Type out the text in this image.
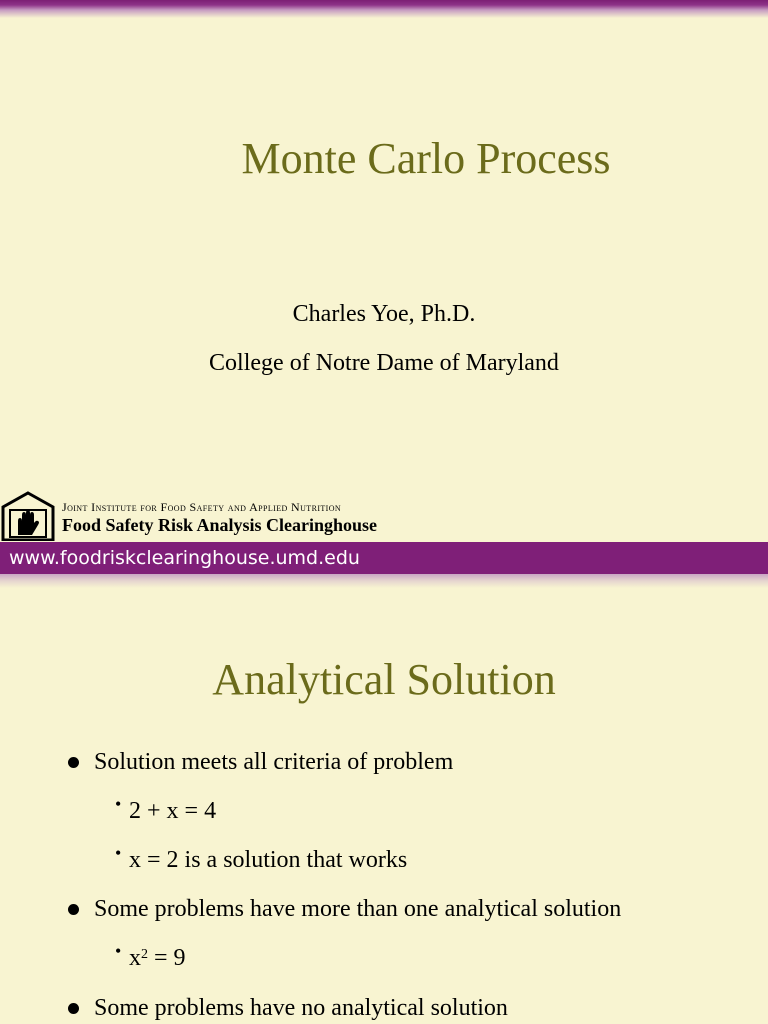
Monte Carlo Process
Charles Yoe, Ph.D.
College of Notre Dame of Maryland
Joint Institute for Food Safety and Applied Nutrition
Food Safety Risk Analysis Clearinghouse
www.foodriskclearinghouse.umd.edu
Analytical Solution
Solution meets all criteria of problem
• 2 + x = 4
• x = 2 is a solution that works
Some problems have more than one analytical solution
• $x^2 = 9$
Some problems have no analytical solution
